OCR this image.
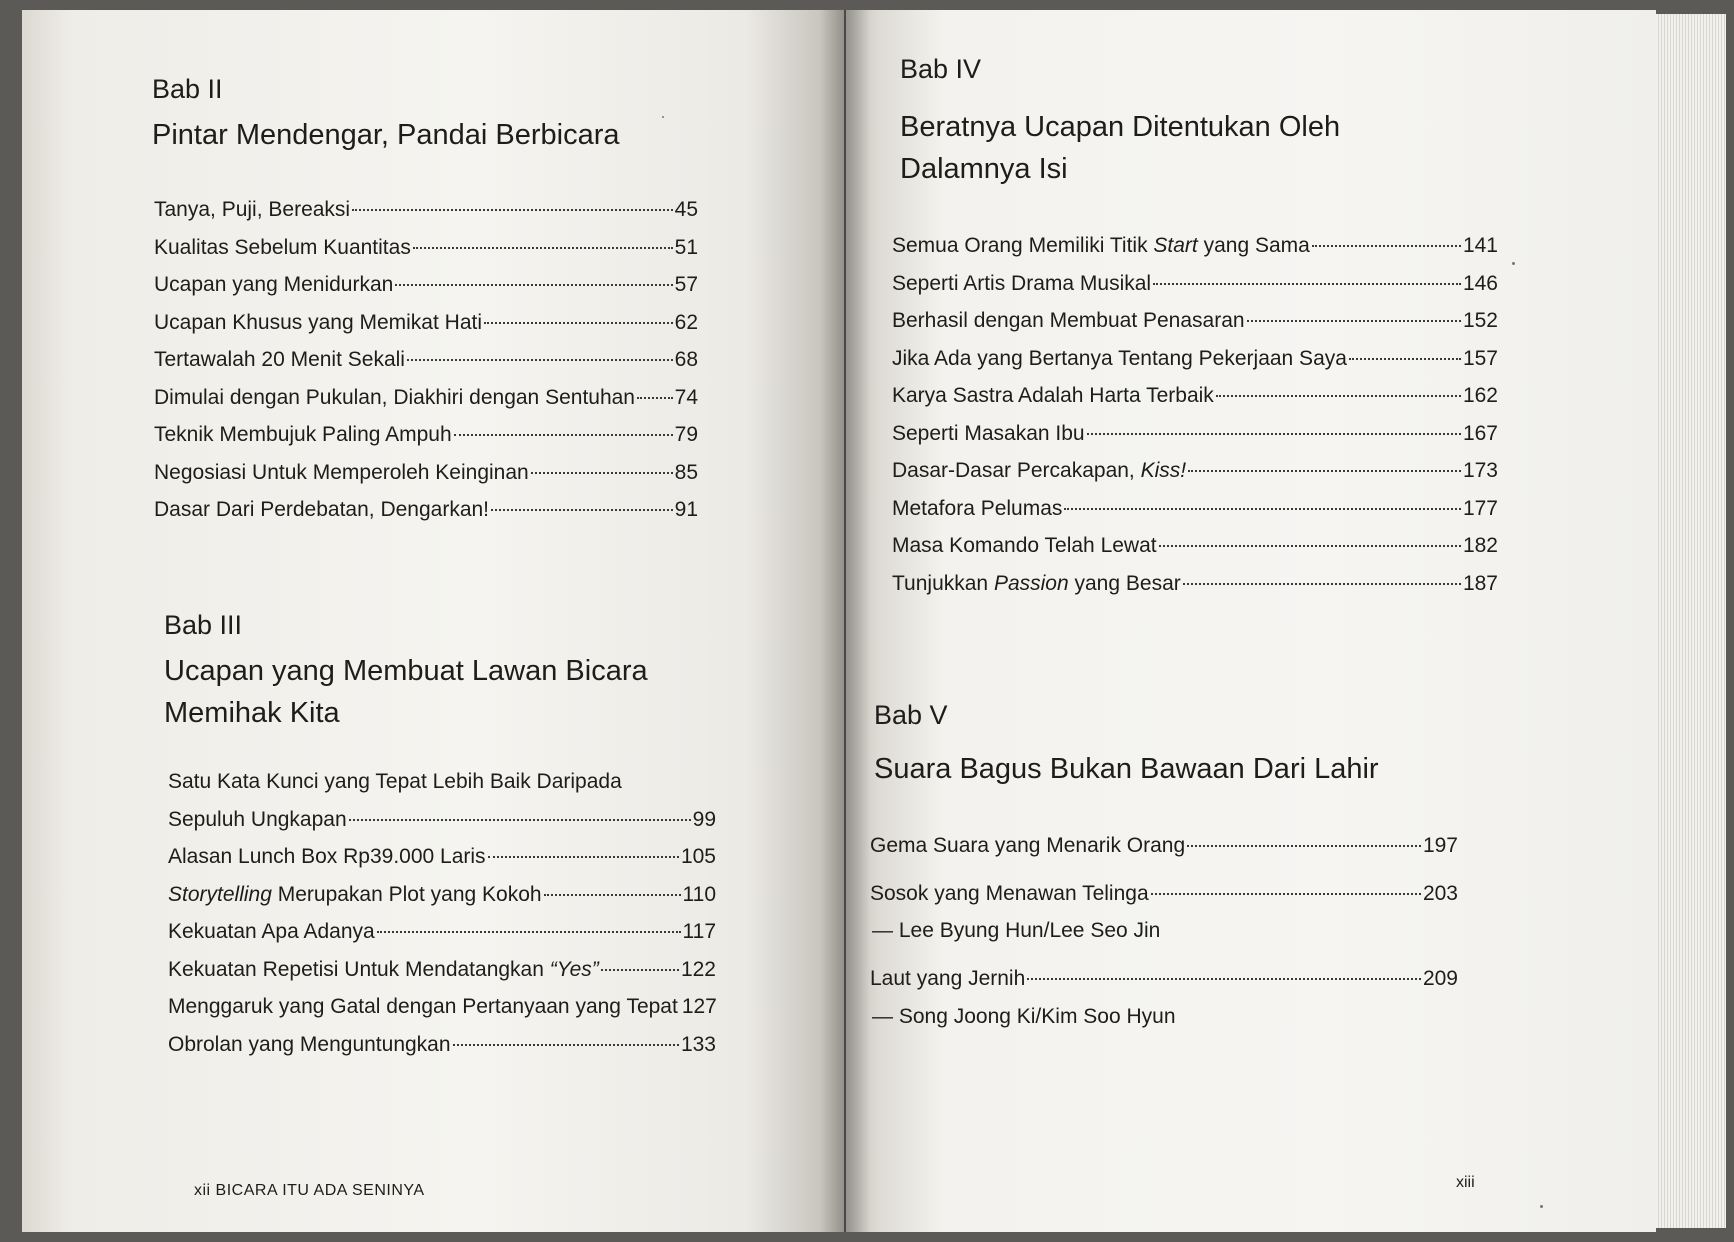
Bab II
Pintar Mendengar, Pandai Berbicara
Tanya, Puji, Bereaksi	45
Kualitas Sebelum Kuantitas	51
Ucapan yang Menidurkan	57
Ucapan Khusus yang Memikat Hati	62
Tertawalah 20 Menit Sekali	68
Dimulai dengan Pukulan, Diakhiri dengan Sentuhan 74
Teknik Membujuk Paling Ampuh	79
Negosiasi Untuk Memperoleh Keinginan	85
Dasar Dari Perdebatan, Dengarkan!	91
Bab III
Ucapan yang Membuat Lawan Bicara Memihak Kita
Satu Kata Kunci yang Tepat Lebih Baik Daripada
Sepuluh Ungkapan	99
Alasan Lunch Box Rp39.000 Laris	105
Storytelling Merupakan Plot yang Kokoh	110
Kekuatan Apa Adanya	117
Kekuatan Repetisi Untuk Mendatangkan “Yes”	122
Menggaruk yang Gatal dengan Pertanyaan yang Tepat 127
Obrolan yang Menguntungkan	133

xii BICARA ITU ADA SENINYA

Bab IV
Beratnya Ucapan Ditentukan Oleh Dalamnya Isi
Semua Orang Memiliki Titik Start yang Sama	141
Seperti Artis Drama Musikal	146
Berhasil dengan Membuat Penasaran	152
Jika Ada yang Bertanya Tentang Pekerjaan Saya	157
Karya Sastra Adalah Harta Terbaik	162
Seperti Masakan Ibu	167
Dasar-Dasar Percakapan, Kiss!	173
Metafora Pelumas	177
Masa Komando Telah Lewat	182
Tunjukkan Passion yang Besar	187
Bab V
Suara Bagus Bukan Bawaan Dari Lahir
Gema Suara yang Menarik Orang	197
Sosok yang Menawan Telinga	203
— Lee Byung Hun/Lee Seo Jin
Laut yang Jernih	209
— Song Joong Ki/Kim Soo Hyun

xiii
